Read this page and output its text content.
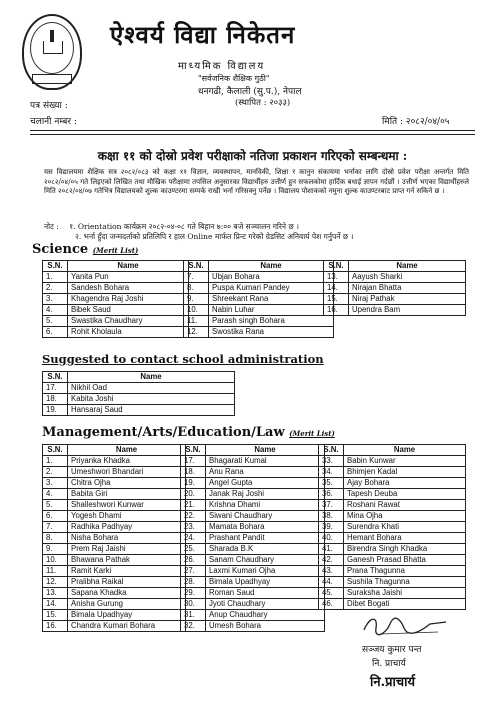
ऐश्वर्य विद्या निकेतन
माध्यमिक विद्यालय
"सर्वजनिक शैक्षिक गुठी"
धनगढी, कैलाली (सु.प.), नेपाल
(स्थापित : २०३३)
पत्र संख्या :
चलानी नम्बर :	मिति : २०८२/०४/०५
कक्षा ११ को दोस्रो प्रवेश परीक्षाको नतिजा प्रकाशन गरिएको सम्बन्धमा :
यस विद्यालयमा शैक्षिक सत्र २०८२/०८३ को कक्षा ११ विज्ञान, व्यवस्थापन, मानविकी, शिक्षा र कानुन संकायमा भर्नाका लागि दोस्रो प्रवेश परीक्षा अन्तर्गत मिति २०८२/०४/०५ गते लिइएको लिखित तथा मौखिक परीक्षामा तपसिल अनुसारका विद्यार्थीहरु उत्तीर्ण हुन सफलकोमा हार्दिक बधाई ज्ञापन गर्दछौं । उत्तीर्ण भएका विद्यार्थीहरुले मिति २०८२/०४/०७ गतेभित्र विद्यालयको शुल्क काउण्टरमा सम्पर्क राखी भर्ना गरिसक्नु पर्नेछ । विद्यालय पोशाकको नमुना शुल्क काउण्टरबाट प्राप्त गर्न सकिने छ ।
नोट : १. Orientation कार्यक्रम २०८२-०४-०८ गते बिहान ७:०० बजे सञ्चालन गरिने छ ।
२. भर्ना हुँदा जन्मदर्ताको प्रतिलिपि र हाल Online मार्फत प्रिन्ट गरेको ग्रेडसिट अनिवार्य पेश गर्नुपर्ने छ ।
Science (Merit List)
S.N.	Name
1.	Yanita Pun
2.	Sandesh Bohara
3.	Khagendra Raj Joshi
4.	Bibek Saud
5.	Swastika Chaudhary
6.	Rohit Kholaula
S.N.	Name
7.	Ubjan Bohara
8.	Puspa Kumari Pandey
9.	Shreekant Rana
10.	Nabin Luhar
11.	Parash singh Bohara
12.	Swostika Rana
S.N.	Name
13.	Aayush Sharki
14.	Nirajan Bhatta
15.	Niraj Pathak
16.	Upendra Bam
Suggested to contact school administration
S.N.	Name
17.	Nikhil Oad
18.	Kabita Joshi
19.	Hansaraj Saud
Management/Arts/Education/Law (Merit List)
S.N.	Name
1.	Priyanka Khadka
2.	Umeshwori Bhandari
3.	Chitra Ojha
4.	Babita Giri
5.	Shalleshwori Kunwar
6.	Yogesh Dhami
7.	Radhika Padhyay
8.	Nisha Bohara
9.	Prem Raj Jaishi
10.	Bhawana Pathak
11.	Ramit Karki
12.	Pralibha Raikal
13.	Sapana Khadka
14.	Anisha Gurung
15.	Bimala Upadhyay
16.	Chandra Kumari Bohara
S.N.	Name
17.	Bhagarati Kumal
18.	Anu Rana
19.	Angel Gupta
20.	Janak Raj Joshi
21.	Krishna Dhami
22.	Siwani Chaudhary
23.	Mamata Bohara
24.	Prashant Pandit
25.	Sharada B.K
26.	Sanam Chaudhary
27.	Laxmi Kumari Ojha
28.	Bimala Upadhyay
29.	Roman Saud
30.	Jyoti Chaudhary
31.	Anup Chaudhary
32.	Umesh Bohara
S.N.	Name
33.	Babin Kunwar
34.	Bhimjen Kadal
35.	Ajay Bohara
36.	Tapesh Deuba
37.	Roshani Rawat
38.	Mina Ojha
39.	Surendra Khati
40.	Hemant Bohara
41.	Birendra Singh Khadka
42.	Ganesh Prasad Bhatta
43.	Prana Thagunna
44.	Sushila Thagunna
45.	Suraksha Jaishi
46.	Dibet Bogati
सञ्जय कुमार पन्त
नि. प्राचार्य
नि.प्राचार्य
